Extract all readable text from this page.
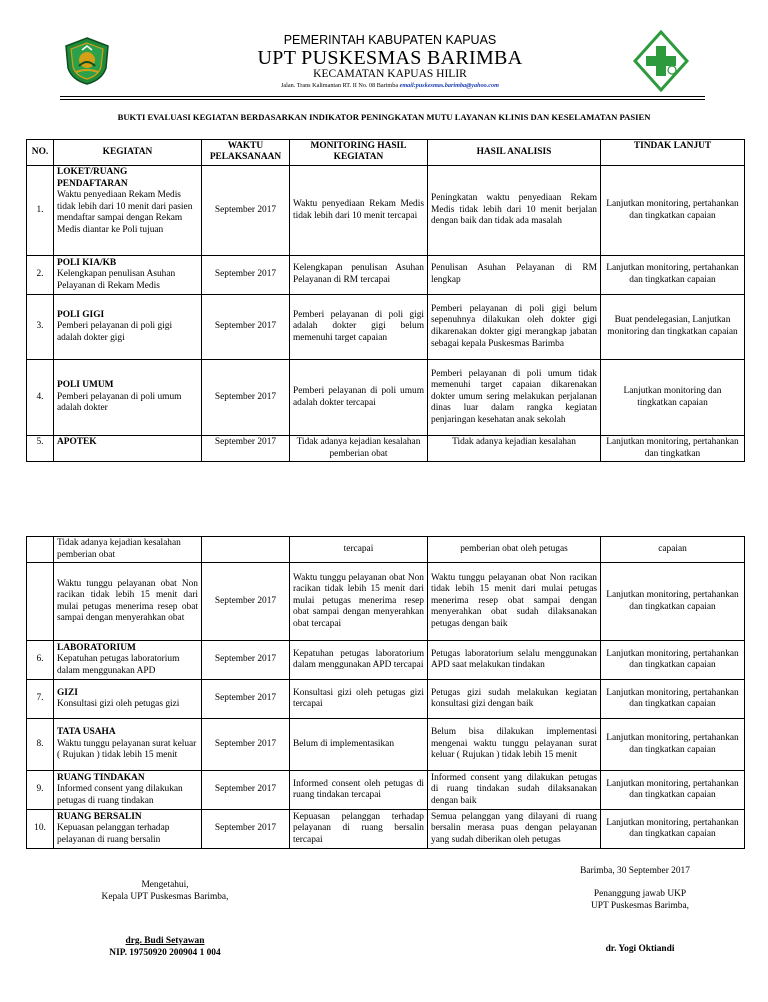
PEMERINTAH KABUPATEN KAPUAS
UPT PUSKESMAS BARIMBA
KECAMATAN KAPUAS HILIR
Jalan. Trans Kalimantan RT. II No. 08 Barimba email:puskesmas.barimba@yahoo.com
BUKTI EVALUASI KEGIATAN BERDASARKAN INDIKATOR PENINGKATAN MUTU LAYANAN KLINIS DAN KESELAMATAN PASIEN
NO.	KEGIATAN	WAKTU PELAKSANAAN	MONITORING HASIL KEGIATAN	HASIL ANALISIS	TINDAK LANJUT
1.	LOKET/RUANG PENDAFTARAN
Waktu penyediaan Rekam Medis tidak lebih dari 10 menit dari pasien mendaftar sampai dengan Rekam Medis diantar ke Poli tujuan	September 2017	Waktu penyediaan Rekam Medis tidak lebih dari 10 menit tercapai	Peningkatan waktu penyediaan Rekam Medis tidak lebih dari 10 menit berjalan dengan baik dan tidak ada masalah	Lanjutkan monitoring, pertahankan dan tingkatkan capaian
2.	POLI KIA/KB
Kelengkapan penulisan Asuhan Pelayanan di Rekam Medis	September 2017	Kelengkapan penulisan Asuhan Pelayanan di RM tercapai	Penulisan Asuhan Pelayanan di RM lengkap	Lanjutkan monitoring, pertahankan dan tingkatkan capaian
3.	POLI GIGI
Pemberi pelayanan di poli gigi adalah dokter gigi	September 2017	Pemberi pelayanan di poli gigi adalah dokter gigi belum memenuhi target capaian	Pemberi pelayanan di poli gigi belum sepenuhnya dilakukan oleh dokter gigi dikarenakan dokter gigi merangkap jabatan sebagai kepala Puskesmas Barimba	Buat pendelegasian, Lanjutkan monitoring dan tingkatkan capaian
4.	POLI UMUM
Pemberi pelayanan di poli umum adalah dokter	September 2017	Pemberi pelayanan di poli umum adalah dokter tercapai	Pemberi pelayanan di poli umum tidak memenuhi target capaian dikarenakan dokter umum sering melakukan perjalanan dinas luar dalam rangka kegiatan penjaringan kesehatan anak sekolah	Lanjutkan monitoring dan tingkatkan capaian
5.	APOTEK	September 2017	Tidak adanya kejadian kesalahan pemberian obat	Tidak adanya kejadian kesalahan	Lanjutkan monitoring, pertahankan dan tingkatkan
	Tidak adanya kejadian kesalahan pemberian obat		tercapai	pemberian obat oleh petugas	capaian
	Waktu tunggu pelayanan obat Non racikan tidak lebih 15 menit dari mulai petugas menerima resep obat sampai dengan menyerahkan obat	September 2017	Waktu tunggu pelayanan obat Non racikan tidak lebih 15 menit dari mulai petugas menerima resep obat sampai dengan menyerahkan obat tercapai	Waktu tunggu pelayanan obat Non racikan tidak lebih 15 menit dari mulai petugas menerima resep obat sampai dengan menyerahkan obat sudah dilaksanakan petugas dengan baik	Lanjutkan monitoring, pertahankan dan tingkatkan capaian
6.	LABORATORIUM
Kepatuhan petugas laboratorium dalam menggunakan APD	September 2017	Kepatuhan petugas laboratorium dalam menggunakan APD tercapai	Petugas laboratorium selalu menggunakan APD saat melakukan tindakan	Lanjutkan monitoring, pertahankan dan tingkatkan capaian
7.	GIZI
Konsultasi gizi oleh petugas gizi	September 2017	Konsultasi gizi oleh petugas gizi tercapai	Petugas gizi sudah melakukan kegiatan konsultasi gizi dengan baik	Lanjutkan monitoring, pertahankan dan tingkatkan capaian
8.	TATA USAHA
Waktu tunggu pelayanan surat keluar ( Rujukan ) tidak lebih 15 menit	September 2017	Belum di implementasikan	Belum bisa dilakukan implementasi mengenai waktu tunggu pelayanan surat keluar ( Rujukan ) tidak lebih 15 menit	Lanjutkan monitoring, pertahankan dan tingkatkan capaian
9.	RUANG TINDAKAN
Informed consent yang dilakukan petugas di ruang tindakan	September 2017	Informed consent oleh petugas di ruang tindakan tercapai	Informed consent yang dilakukan petugas di ruang tindakan sudah dilaksanakan dengan baik	Lanjutkan monitoring, pertahankan dan tingkatkan capaian
10.	RUANG BERSALIN
Kepuasan pelanggan terhadap pelayanan di ruang bersalin	September 2017	Kepuasan pelanggan terhadap pelayanan di ruang bersalin tercapai	Semua pelanggan yang dilayani di ruang bersalin merasa puas dengan pelayanan yang sudah diberikan oleh petugas	Lanjutkan monitoring, pertahankan dan tingkatkan capaian
Barimba, 30 September 2017
Mengetahui,
Kepala UPT Puskesmas Barimba,	Penanggung jawab UKP
UPT Puskesmas Barimba,
drg. Budi Setyawan
NIP. 19750920 200904 1 004	dr. Yogi Oktiandi
